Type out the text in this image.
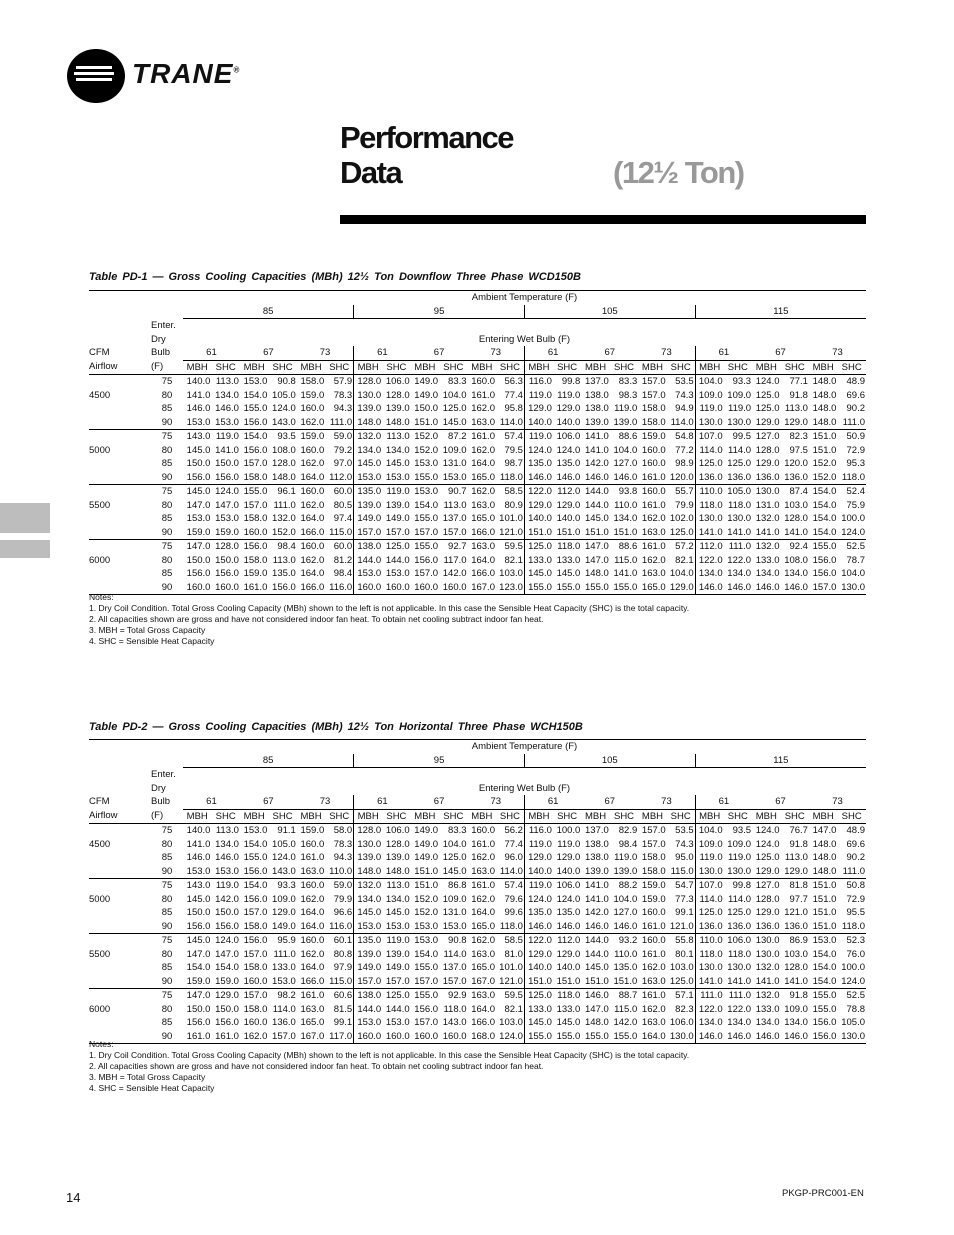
TRANE®
Performance
Data	(12½ Ton)
Table PD-1 — Gross Cooling Capacities (MBh) 12½ Ton Downflow Three Phase WCD150B
		Ambient Temperature (F)																							
		85						95						105						115					
	Enter.																								
	Dry	Entering Wet Bulb (F)																							
CFM	Bulb	61		67		73		61		67		73		61		67		73		61		67		73	
Airflow	(F)	MBH	SHC	MBH	SHC	MBH	SHC	MBH	SHC	MBH	SHC	MBH	SHC	MBH	SHC	MBH	SHC	MBH	SHC	MBH	SHC	MBH	SHC	MBH	SHC
	75	140.0	113.0	153.0	90.8	158.0	57.9	128.0	106.0	149.0	83.3	160.0	56.3	116.0	99.8	137.0	83.3	157.0	53.5	104.0	93.3	124.0	77.1	148.0	48.9
4500	80	141.0	134.0	154.0	105.0	159.0	78.3	130.0	128.0	149.0	104.0	161.0	77.4	119.0	119.0	138.0	98.3	157.0	74.3	109.0	109.0	125.0	91.8	148.0	69.6
	85	146.0	146.0	155.0	124.0	160.0	94.3	139.0	139.0	150.0	125.0	162.0	95.8	129.0	129.0	138.0	119.0	158.0	94.9	119.0	119.0	125.0	113.0	148.0	90.2
	90	153.0	153.0	156.0	143.0	162.0	111.0	148.0	148.0	151.0	145.0	163.0	114.0	140.0	140.0	139.0	139.0	158.0	114.0	130.0	130.0	129.0	129.0	148.0	111.0
	75	143.0	119.0	154.0	93.5	159.0	59.0	132.0	113.0	152.0	87.2	161.0	57.4	119.0	106.0	141.0	88.6	159.0	54.8	107.0	99.5	127.0	82.3	151.0	50.9
5000	80	145.0	141.0	156.0	108.0	160.0	79.2	134.0	134.0	152.0	109.0	162.0	79.5	124.0	124.0	141.0	104.0	160.0	77.2	114.0	114.0	128.0	97.5	151.0	72.9
	85	150.0	150.0	157.0	128.0	162.0	97.0	145.0	145.0	153.0	131.0	164.0	98.7	135.0	135.0	142.0	127.0	160.0	98.9	125.0	125.0	129.0	120.0	152.0	95.3
	90	156.0	156.0	158.0	148.0	164.0	112.0	153.0	153.0	155.0	153.0	165.0	118.0	146.0	146.0	146.0	146.0	161.0	120.0	136.0	136.0	136.0	136.0	152.0	118.0
	75	145.0	124.0	155.0	96.1	160.0	60.0	135.0	119.0	153.0	90.7	162.0	58.5	122.0	112.0	144.0	93.8	160.0	55.7	110.0	105.0	130.0	87.4	154.0	52.4
5500	80	147.0	147.0	157.0	111.0	162.0	80.5	139.0	139.0	154.0	113.0	163.0	80.9	129.0	129.0	144.0	110.0	161.0	79.9	118.0	118.0	131.0	103.0	154.0	75.9
	85	153.0	153.0	158.0	132.0	164.0	97.4	149.0	149.0	155.0	137.0	165.0	101.0	140.0	140.0	145.0	134.0	162.0	102.0	130.0	130.0	132.0	128.0	154.0	100.0
	90	159.0	159.0	160.0	152.0	166.0	115.0	157.0	157.0	157.0	157.0	166.0	121.0	151.0	151.0	151.0	151.0	163.0	125.0	141.0	141.0	141.0	141.0	154.0	124.0
	75	147.0	128.0	156.0	98.4	160.0	60.0	138.0	125.0	155.0	92.7	163.0	59.5	125.0	118.0	147.0	88.6	161.0	57.2	112.0	111.0	132.0	92.4	155.0	52.5
6000	80	150.0	150.0	158.0	113.0	162.0	81.2	144.0	144.0	156.0	117.0	164.0	82.1	133.0	133.0	147.0	115.0	162.0	82.1	122.0	122.0	133.0	108.0	156.0	78.7
	85	156.0	156.0	159.0	135.0	164.0	98.4	153.0	153.0	157.0	142.0	166.0	103.0	145.0	145.0	148.0	141.0	163.0	104.0	134.0	134.0	134.0	134.0	156.0	104.0
	90	160.0	160.0	161.0	156.0	166.0	116.0	160.0	160.0	160.0	160.0	167.0	123.0	155.0	155.0	155.0	155.0	165.0	129.0	146.0	146.0	146.0	146.0	157.0	130.0
Notes:
1. Dry Coil Condition. Total Gross Cooling Capacity (MBh) shown to the left is not applicable. In this case the Sensible Heat Capacity (SHC) is the total capacity.
2. All capacities shown are gross and have not considered indoor fan heat. To obtain net cooling subtract indoor fan heat.
3. MBH = Total Gross Capacity
4. SHC = Sensible Heat Capacity
Table PD-2 — Gross Cooling Capacities (MBh) 12½ Ton Horizontal Three Phase WCH150B
		Ambient Temperature (F)																							
		85						95						105						115					
	Enter.																								
	Dry	Entering Wet Bulb (F)																							
CFM	Bulb	61		67		73		61		67		73		61		67		73		61		67		73	
Airflow	(F)	MBH	SHC	MBH	SHC	MBH	SHC	MBH	SHC	MBH	SHC	MBH	SHC	MBH	SHC	MBH	SHC	MBH	SHC	MBH	SHC	MBH	SHC	MBH	SHC
	75	140.0	113.0	153.0	91.1	159.0	58.0	128.0	106.0	149.0	83.3	160.0	56.2	116.0	100.0	137.0	82.9	157.0	53.5	104.0	93.5	124.0	76.7	147.0	48.9
4500	80	141.0	134.0	154.0	105.0	160.0	78.3	130.0	128.0	149.0	104.0	161.0	77.4	119.0	119.0	138.0	98.4	157.0	74.3	109.0	109.0	124.0	91.8	148.0	69.6
	85	146.0	146.0	155.0	124.0	161.0	94.3	139.0	139.0	149.0	125.0	162.0	96.0	129.0	129.0	138.0	119.0	158.0	95.0	119.0	119.0	125.0	113.0	148.0	90.2
	90	153.0	153.0	156.0	143.0	163.0	110.0	148.0	148.0	151.0	145.0	163.0	114.0	140.0	140.0	139.0	139.0	158.0	115.0	130.0	130.0	129.0	129.0	148.0	111.0
	75	143.0	119.0	154.0	93.3	160.0	59.0	132.0	113.0	151.0	86.8	161.0	57.4	119.0	106.0	141.0	88.2	159.0	54.7	107.0	99.8	127.0	81.8	151.0	50.8
5000	80	145.0	142.0	156.0	109.0	162.0	79.9	134.0	134.0	152.0	109.0	162.0	79.6	124.0	124.0	141.0	104.0	159.0	77.3	114.0	114.0	128.0	97.7	151.0	72.9
	85	150.0	150.0	157.0	129.0	164.0	96.6	145.0	145.0	152.0	131.0	164.0	99.6	135.0	135.0	142.0	127.0	160.0	99.1	125.0	125.0	129.0	121.0	151.0	95.5
	90	156.0	156.0	158.0	149.0	164.0	116.0	153.0	153.0	153.0	153.0	165.0	118.0	146.0	146.0	146.0	146.0	161.0	121.0	136.0	136.0	136.0	136.0	151.0	118.0
	75	145.0	124.0	156.0	95.9	160.0	60.1	135.0	119.0	153.0	90.8	162.0	58.5	122.0	112.0	144.0	93.2	160.0	55.8	110.0	106.0	130.0	86.9	153.0	52.3
5500	80	147.0	147.0	157.0	111.0	162.0	80.8	139.0	139.0	154.0	114.0	163.0	81.0	129.0	129.0	144.0	110.0	161.0	80.1	118.0	118.0	130.0	103.0	154.0	76.0
	85	154.0	154.0	158.0	133.0	164.0	97.9	149.0	149.0	155.0	137.0	165.0	101.0	140.0	140.0	145.0	135.0	162.0	103.0	130.0	130.0	132.0	128.0	154.0	100.0
	90	159.0	159.0	160.0	153.0	166.0	115.0	157.0	157.0	157.0	157.0	167.0	121.0	151.0	151.0	151.0	151.0	163.0	125.0	141.0	141.0	141.0	141.0	154.0	124.0
	75	147.0	129.0	157.0	98.2	161.0	60.6	138.0	125.0	155.0	92.9	163.0	59.5	125.0	118.0	146.0	88.7	161.0	57.1	111.0	111.0	132.0	91.8	155.0	52.5
6000	80	150.0	150.0	158.0	114.0	163.0	81.5	144.0	144.0	156.0	118.0	164.0	82.1	133.0	133.0	147.0	115.0	162.0	82.3	122.0	122.0	133.0	109.0	155.0	78.8
	85	156.0	156.0	160.0	136.0	165.0	99.1	153.0	153.0	157.0	143.0	166.0	103.0	145.0	145.0	148.0	142.0	163.0	106.0	134.0	134.0	134.0	134.0	156.0	105.0
	90	161.0	161.0	162.0	157.0	167.0	117.0	160.0	160.0	160.0	160.0	168.0	124.0	155.0	155.0	155.0	155.0	164.0	130.0	146.0	146.0	146.0	146.0	156.0	130.0
Notes:
1. Dry Coil Condition. Total Gross Cooling Capacity (MBh) shown to the left is not applicable. In this case the Sensible Heat Capacity (SHC) is the total capacity.
2. All capacities shown are gross and have not considered indoor fan heat. To obtain net cooling subtract indoor fan heat.
3. MBH = Total Gross Capacity
4. SHC = Sensible Heat Capacity
14	PKGP-PRC001-EN
